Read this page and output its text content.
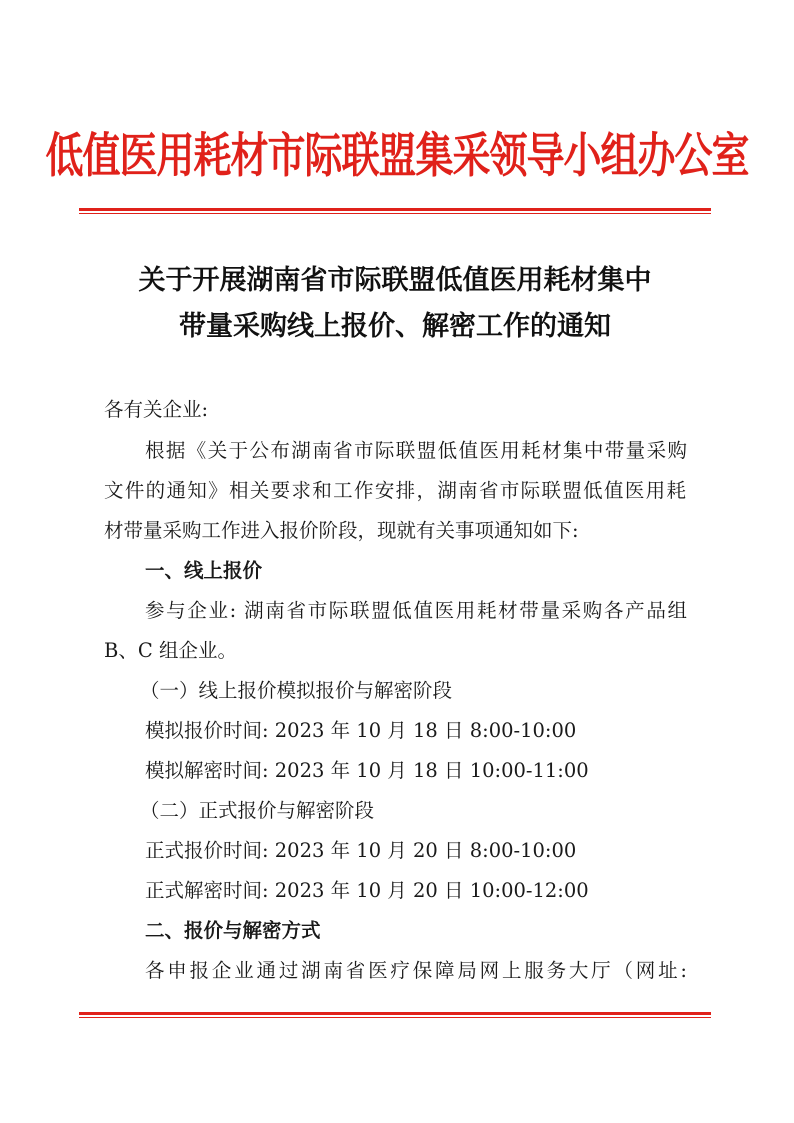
低值医用耗材市际联盟集采领导小组办公室
关于开展湖南省市际联盟低值医用耗材集中
带量采购线上报价、解密工作的通知
各有关企业:
根据《关于公布湖南省市际联盟低值医用耗材集中带量采购
文件的通知》相关要求和工作安排，湖南省市际联盟低值医用耗
材带量采购工作进入报价阶段，现就有关事项通知如下:
一、线上报价
参与企业: 湖南省市际联盟低值医用耗材带量采购各产品组
B、C 组企业。
（一）线上报价模拟报价与解密阶段
模拟报价时间: 2023 年 10 月 18 日 8:00-10:00
模拟解密时间: 2023 年 10 月 18 日 10:00-11:00
（二）正式报价与解密阶段
正式报价时间: 2023 年 10 月 20 日 8:00-10:00
正式解密时间: 2023 年 10 月 20 日 10:00-12:00
二、报价与解密方式
各申报企业通过湖南省医疗保障局网上服务大厅（网址:
